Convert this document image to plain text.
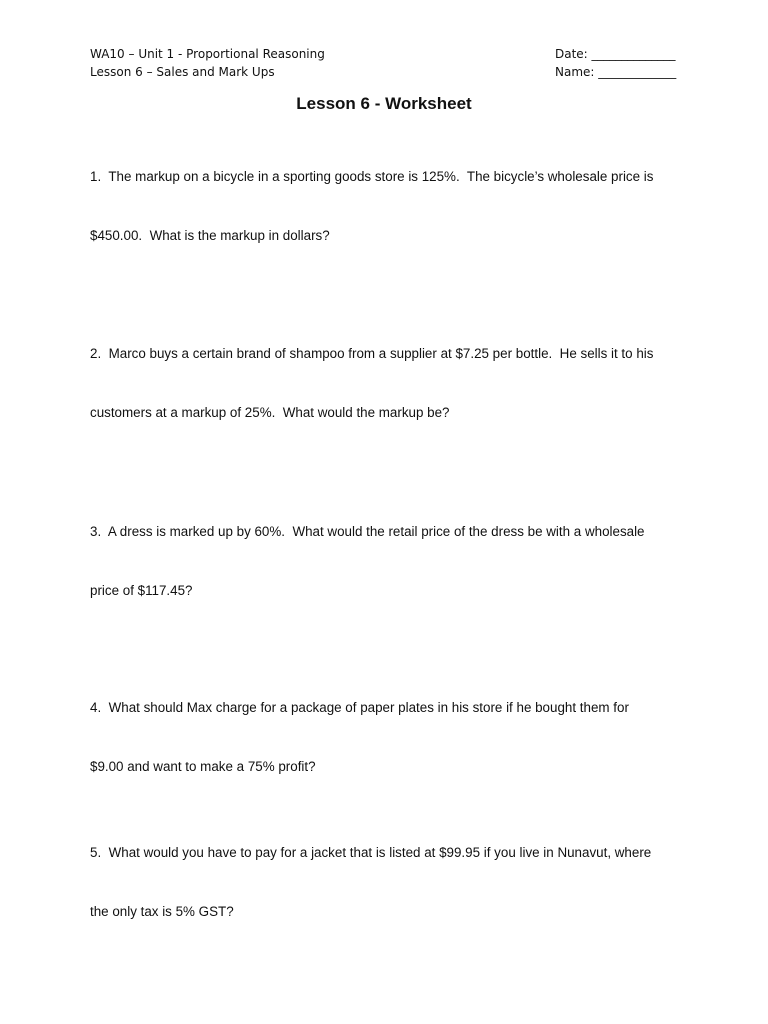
WA10 – Unit 1 - Proportional Reasoning
Lesson 6 – Sales and Mark Ups
Date: ______________
Name: _____________
Lesson 6 - Worksheet

1.  The markup on a bicycle in a sporting goods store is 125%.  The bicycle’s wholesale price is

$450.00.  What is the markup in dollars?

2.  Marco buys a certain brand of shampoo from a supplier at $7.25 per bottle.  He sells it to his

customers at a markup of 25%.  What would the markup be?

3.  A dress is marked up by 60%.  What would the retail price of the dress be with a wholesale

price of $117.45?

4.  What should Max charge for a package of paper plates in his store if he bought them for

$9.00 and want to make a 75% profit?

5.  What would you have to pay for a jacket that is listed at $99.95 if you live in Nunavut, where

the only tax is 5% GST?
